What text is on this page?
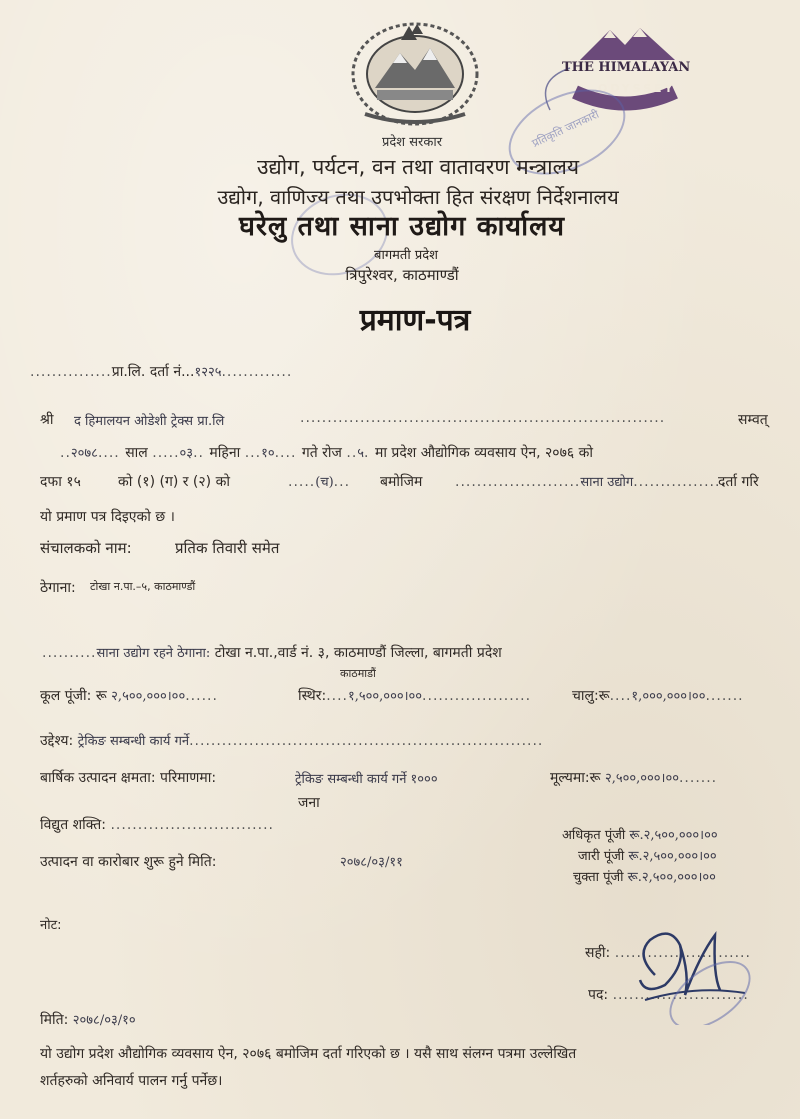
THE HIMALAYAN
ODYSSEY
प्रतिकृति जानकारी
प्रदेश सरकार
उद्योग, पर्यटन, वन तथा वातावरण मन्त्रालय
उद्योग, वाणिज्य तथा उपभोक्ता हित संरक्षण निर्देशनालय
घरेलु तथा साना उद्योग कार्यालय
बागमती प्रदेश
त्रिपुरेश्वर, काठमाण्डौं
प्रमाण-पत्र
...............प्रा.लि. दर्ता नं...१२२५.............
श्री द हिमालयन ओडेशी ट्रेक्स प्रा.लि	...................................................................	सम्वत्
..२०७८.... साल .....०३.. महिना ...१०.... गते रोज ..५. मा प्रदेश औद्योगिक व्यवसाय ऐन, २०७६ को
दफा १५	को (१) (ग) र (२) को	.....(च)... बमोजिम .......................साना उद्योग.................
दर्ता गरि
यो प्रमाण पत्र दिइएको छ ।
संचालकको नाम:	प्रतिक तिवारी समेत
ठेगाना: टोखा न.पा.–५, काठमाण्डौं
..........साना उद्योग रहने ठेगाना: टोखा न.पा.,वार्ड नं. ३, काठमाण्डौं जिल्ला, बागमती प्रदेश
काठमाडौं
कूल पूंजी: रू २,५००,०००।००......	स्थिर:....१,५००,०००।००....................	चालु:रू....१,०००,०००।००.......
उद्देश्य: ट्रेकिङ सम्बन्धी कार्य गर्ने.................................................................
बार्षिक उत्पादन क्षमता: परिमाणमा:	ट्रेकिङ सम्बन्धी कार्य गर्ने १०००
जना
मूल्यमा:रू २,५००,०००।००.......
विद्युत शक्ति: ..............................
अधिकृत पूंजी रू.२,५००,०००।००
जारी पूंजी रू.२,५००,०००।००
चुक्ता पूंजी रू.२,५००,०००।००
उत्पादन वा कारोबार शुरू हुने मिति:	२०७८/०३/११
नोट:
सही: .........................
पद: .........................
मिति: २०७८/०३/१०
यो उद्योग प्रदेश औद्योगिक व्यवसाय ऐन, २०७६ बमोजिम दर्ता गरिएको छ । यसै साथ संलग्न पत्रमा उल्लेखित
शर्तहरुको अनिवार्य पालन गर्नु पर्नेछ।
